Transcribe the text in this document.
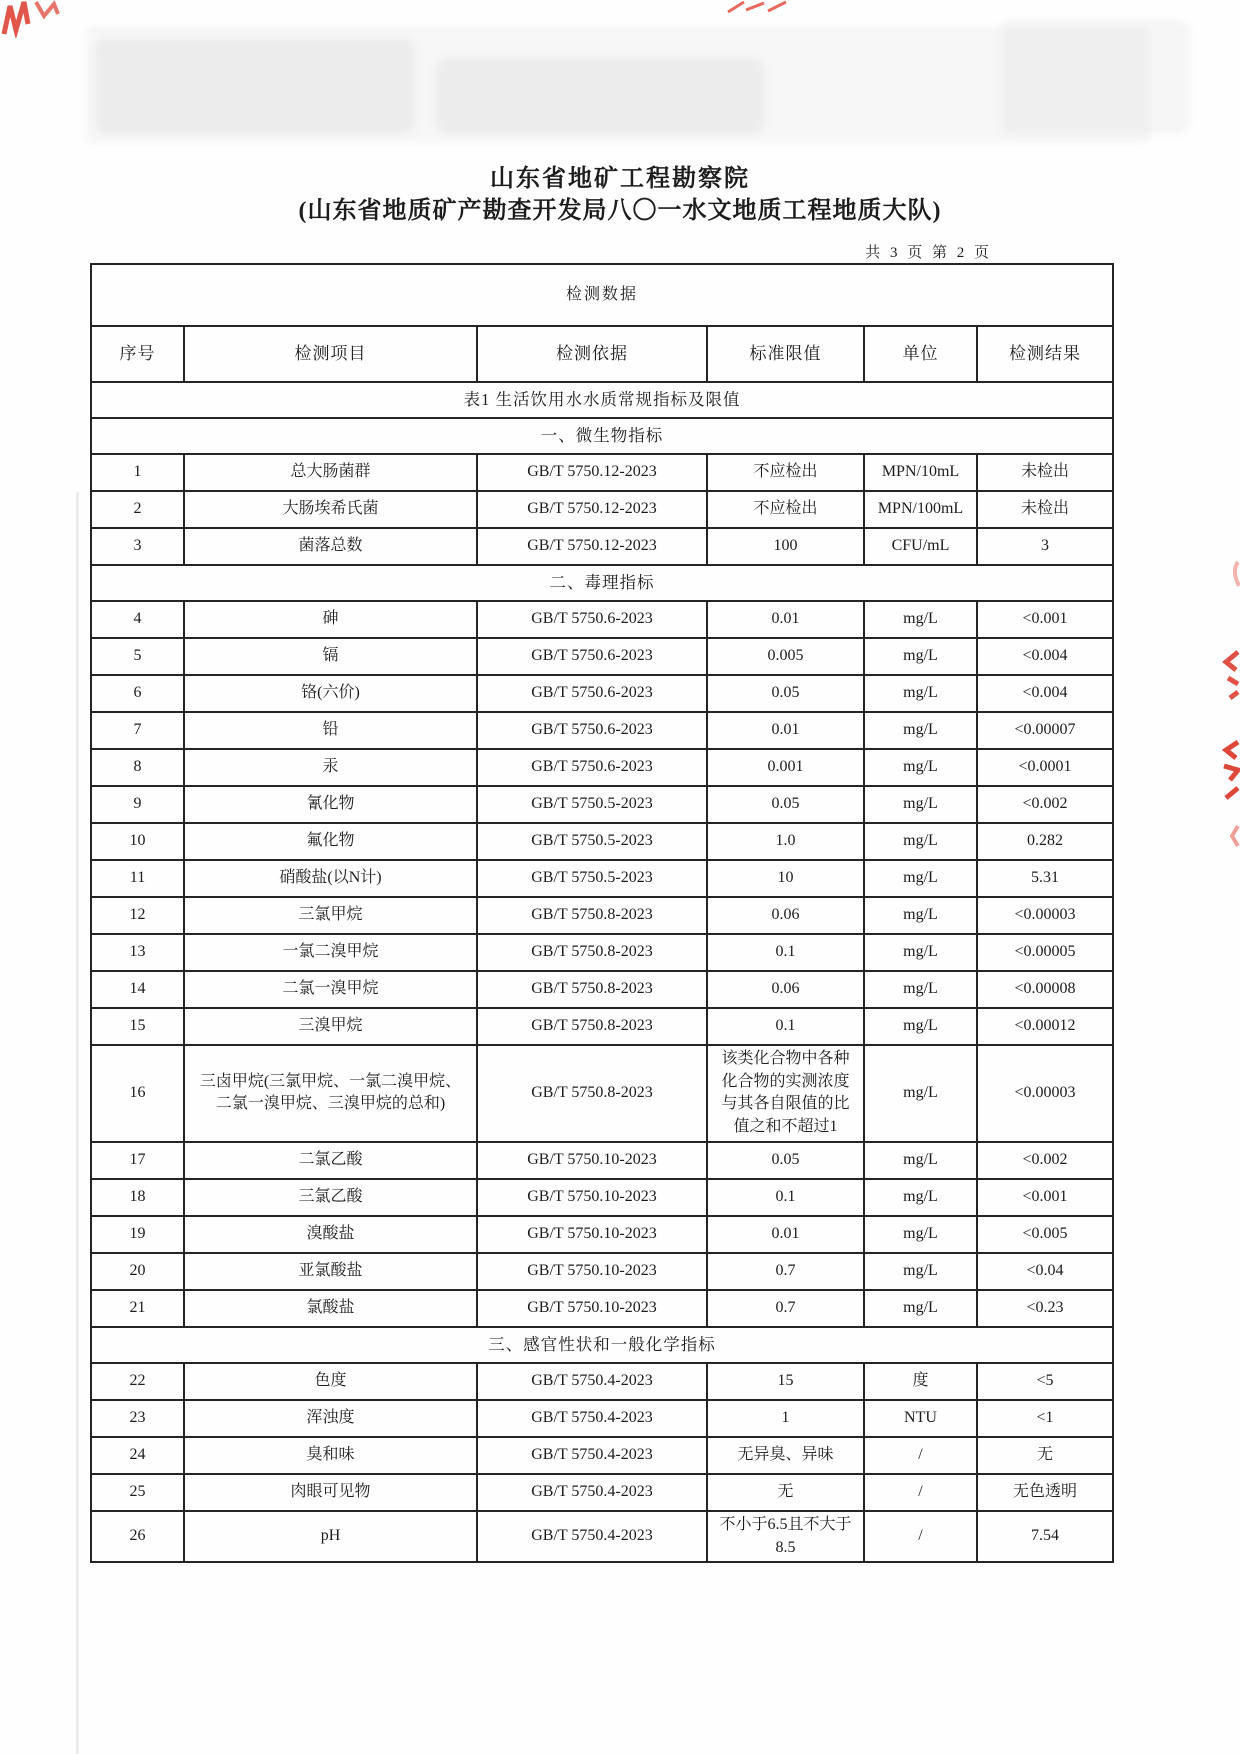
山东省地矿工程勘察院
(山东省地质矿产勘查开发局八〇一水文地质工程地质大队)
共 3 页 第 2 页
检测数据					
序号	检测项目	检测依据	标准限值	单位	检测结果
表1 生活饮用水水质常规指标及限值					
一、微生物指标					
1	总大肠菌群	GB/T 5750.12-2023	不应检出	MPN/10mL	未检出
2	大肠埃希氏菌	GB/T 5750.12-2023	不应检出	MPN/100mL	未检出
3	菌落总数	GB/T 5750.12-2023	100	CFU/mL	3
二、毒理指标					
4	砷	GB/T 5750.6-2023	0.01	mg/L	<0.001
5	镉	GB/T 5750.6-2023	0.005	mg/L	<0.004
6	铬(六价)	GB/T 5750.6-2023	0.05	mg/L	<0.004
7	铅	GB/T 5750.6-2023	0.01	mg/L	<0.00007
8	汞	GB/T 5750.6-2023	0.001	mg/L	<0.0001
9	氰化物	GB/T 5750.5-2023	0.05	mg/L	<0.002
10	氟化物	GB/T 5750.5-2023	1.0	mg/L	0.282
11	硝酸盐(以N计)	GB/T 5750.5-2023	10	mg/L	5.31
12	三氯甲烷	GB/T 5750.8-2023	0.06	mg/L	<0.00003
13	一氯二溴甲烷	GB/T 5750.8-2023	0.1	mg/L	<0.00005
14	二氯一溴甲烷	GB/T 5750.8-2023	0.06	mg/L	<0.00008
15	三溴甲烷	GB/T 5750.8-2023	0.1	mg/L	<0.00012
16	三卤甲烷(三氯甲烷、一氯二溴甲烷、二氯一溴甲烷、三溴甲烷的总和)	GB/T 5750.8-2023	该类化合物中各种化合物的实测浓度与其各自限值的比值之和不超过1	mg/L	<0.00003
17	二氯乙酸	GB/T 5750.10-2023	0.05	mg/L	<0.002
18	三氯乙酸	GB/T 5750.10-2023	0.1	mg/L	<0.001
19	溴酸盐	GB/T 5750.10-2023	0.01	mg/L	<0.005
20	亚氯酸盐	GB/T 5750.10-2023	0.7	mg/L	<0.04
21	氯酸盐	GB/T 5750.10-2023	0.7	mg/L	<0.23
三、感官性状和一般化学指标					
22	色度	GB/T 5750.4-2023	15	度	<5
23	浑浊度	GB/T 5750.4-2023	1	NTU	<1
24	臭和味	GB/T 5750.4-2023	无异臭、异味	/	无
25	肉眼可见物	GB/T 5750.4-2023	无	/	无色透明
26	pH	GB/T 5750.4-2023	不小于6.5且不大于8.5	/	7.54
